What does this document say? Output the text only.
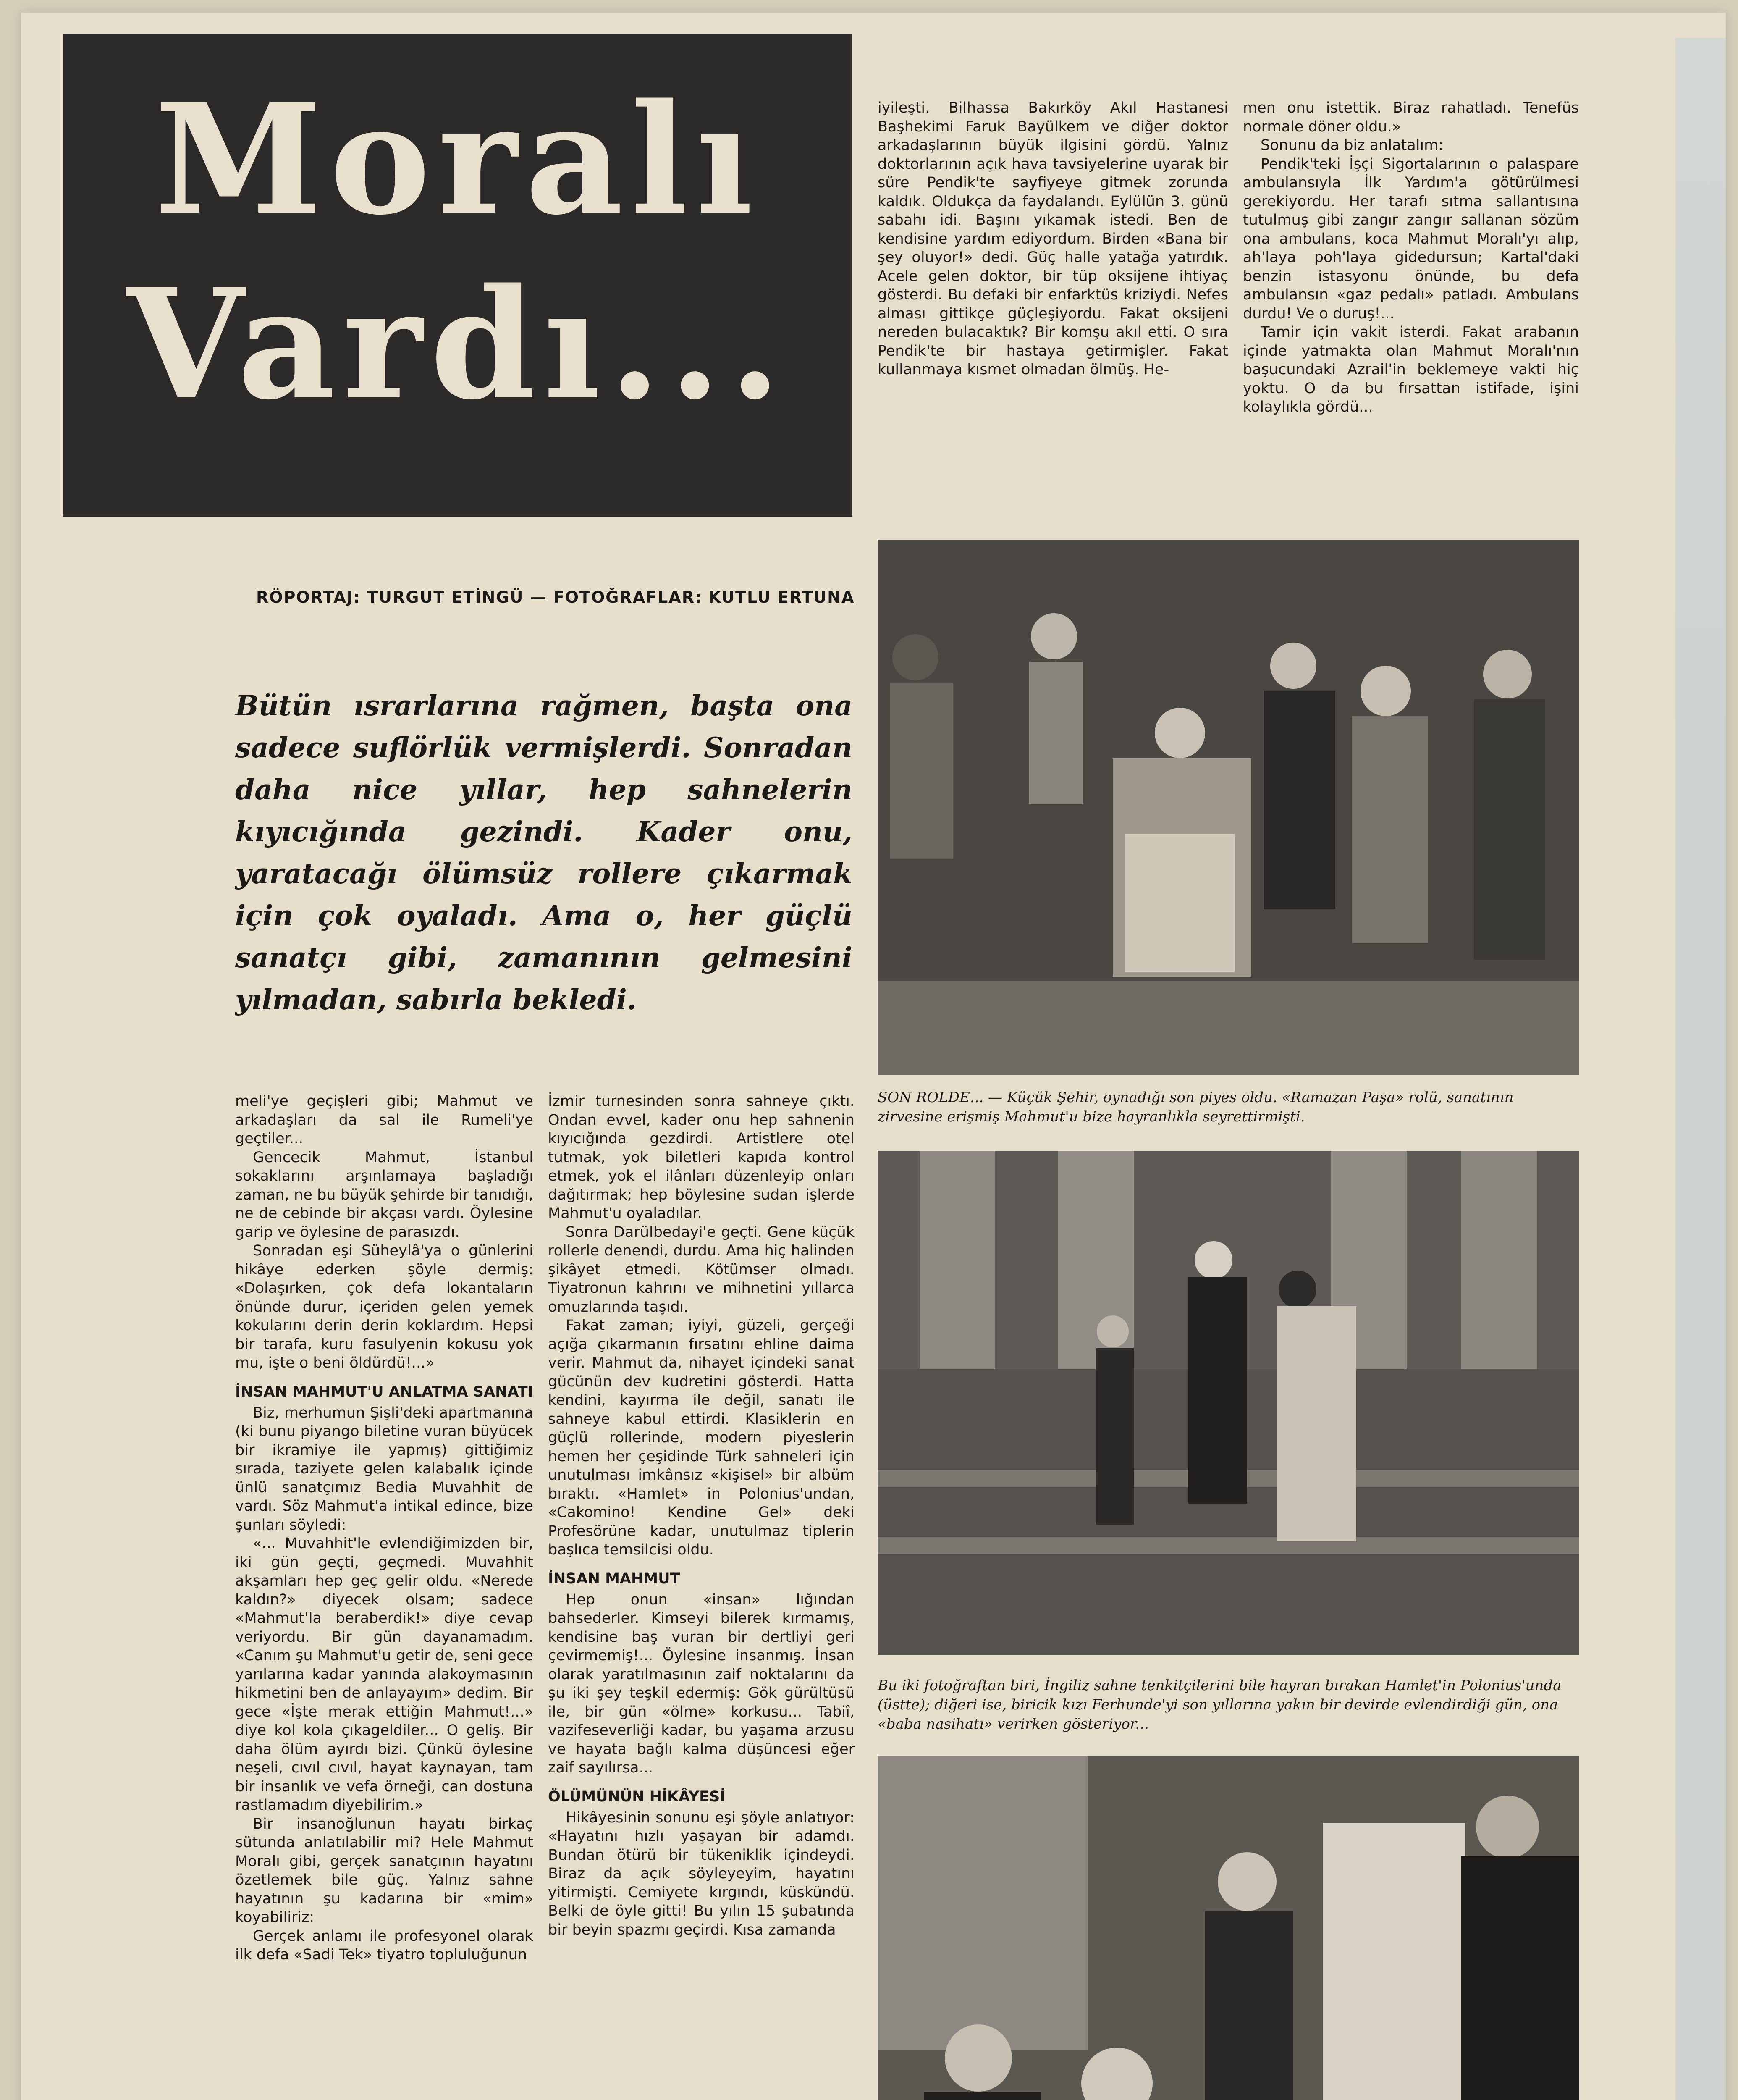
Moralı
Vardı...
RÖPORTAJ: TURGUT ETİNGÜ — FOTOĞRAFLAR: KUTLU ERTUNA
Bütün ısrarlarına rağmen, başta ona sadece suflörlük vermişlerdi. Sonradan daha nice yıllar, hep sahnelerin kıyıcığında gezindi. Kader onu, yaratacağı ölümsüz rollere çıkarmak için çok oyaladı. Ama o, her güçlü sanatçı gibi, zamanının gelmesini yılmadan, sabırla bekledi.

meli'ye geçişleri gibi; Mahmut ve arkadaşları da sal ile Rumeli'ye geçtiler...

Gencecik Mahmut, İstanbul sokaklarını arşınlamaya başladığı zaman, ne bu büyük şehirde bir tanıdığı, ne de cebinde bir akçası vardı. Öylesine garip ve öylesine de parasızdı.

Sonradan eşi Süheylâ'ya o günlerini hikâye ederken şöyle dermiş: «Dolaşırken, çok defa lokantaların önünde durur, içeriden gelen yemek kokularını derin derin koklardım. Hepsi bir tarafa, kuru fasulyenin kokusu yok mu, işte o beni öldürdü!...»

İNSAN MAHMUT'U ANLATMA SANATI

Biz, merhumun Şişli'deki apartmanına (ki bunu piyango biletine vuran büyücek bir ikramiye ile yapmış) gittiğimiz sırada, taziyete gelen kalabalık içinde ünlü sanatçımız Bedia Muvahhit de vardı. Söz Mahmut'a intikal edince, bize şunları söyledi:

«... Muvahhit'le evlendiğimizden bir, iki gün geçti, geçmedi. Muvahhit akşamları hep geç gelir oldu. «Nerede kaldın?» diyecek olsam; sadece «Mahmut'la beraberdik!» diye cevap veriyordu. Bir gün dayanamadım. «Canım şu Mahmut'u getir de, seni gece yarılarına kadar yanında alakoymasının hikmetini ben de anlayayım» dedim. Bir gece «İşte merak ettiğin Mahmut!...» diye kol kola çıkageldiler... O geliş. Bir daha ölüm ayırdı bizi. Çünkü öylesine neşeli, cıvıl cıvıl, hayat kaynayan, tam bir insanlık ve vefa örneği, can dostuna rastlamadım diyebilirim.»

Bir insanoğlunun hayatı birkaç sütunda anlatılabilir mi? Hele Mahmut Moralı gibi, gerçek sanatçının hayatını özetlemek bile güç. Yalnız sahne hayatının şu kadarına bir «mim» koyabiliriz:

Gerçek anlamı ile profesyonel olarak ilk defa «Sadi Tek» tiyatro topluluğunun

İzmir turnesinden sonra sahneye çıktı. Ondan evvel, kader onu hep sahnenin kıyıcığında gezdirdi. Artistlere otel tutmak, yok biletleri kapıda kontrol etmek, yok el ilânları düzenleyip onları dağıtırmak; hep böylesine sudan işlerde Mahmut'u oyaladılar.

Sonra Darülbedayi'e geçti. Gene küçük rollerle denendi, durdu. Ama hiç halinden şikâyet etmedi. Kötümser olmadı. Tiyatronun kahrını ve mihnetini yıllarca omuzlarında taşıdı.

Fakat zaman; iyiyi, güzeli, gerçeği açığa çıkarmanın fırsatını ehline daima verir. Mahmut da, nihayet içindeki sanat gücünün dev kudretini gösterdi. Hatta kendini, kayırma ile değil, sanatı ile sahneye kabul ettirdi. Klasiklerin en güçlü rollerinde, modern piyeslerin hemen her çeşidinde Türk sahneleri için unutulması imkânsız «kişisel» bir albüm bıraktı. «Hamlet» in Polonius'undan, «Cakomino! Kendine Gel» deki Profesörüne kadar, unutulmaz tiplerin başlıca temsilcisi oldu.

İNSAN MAHMUT

Hep onun «insan» lığından bahsederler. Kimseyi bilerek kırmamış, kendisine baş vuran bir dertliyi geri çevirmemiş!... Öylesine insanmış. İnsan olarak yaratılmasının zaif noktalarını da şu iki şey teşkil edermiş: Gök gürültüsü ile, bir gün «ölme» korkusu... Tabiî, vazifeseverliği kadar, bu yaşama arzusu ve hayata bağlı kalma düşüncesi eğer zaif sayılırsa...

ÖLÜMÜNÜN HİKÂYESİ

Hikâyesinin sonunu eşi şöyle anlatıyor: «Hayatını hızlı yaşayan bir adamdı. Bundan ötürü bir tükeniklik içindeydi. Biraz da açık söyleyeyim, hayatını yitirmişti. Cemiyete kırgındı, küskündü. Belki de öyle gitti! Bu yılın 15 şubatında bir beyin spazmı geçirdi. Kısa zamanda

iyileşti. Bilhassa Bakırköy Akıl Hastanesi Başhekimi Faruk Bayülkem ve diğer doktor arkadaşlarının büyük ilgisini gördü. Yalnız doktorlarının açık hava tavsiyelerine uyarak bir süre Pendik'te sayfiyeye gitmek zorunda kaldık. Oldukça da faydalandı. Eylülün 3. günü sabahı idi. Başını yıkamak istedi. Ben de kendisine yardım ediyordum. Birden «Bana bir şey oluyor!» dedi. Güç halle yatağa yatırdık. Acele gelen doktor, bir tüp oksijene ihtiyaç gösterdi. Bu defaki bir enfarktüs kriziydi. Nefes alması gittikçe güçleşiyordu. Fakat oksijeni nereden bulacaktık? Bir komşu akıl etti. O sıra Pendik'te bir hastaya getirmişler. Fakat kullanmaya kısmet olmadan ölmüş. He-

men onu istettik. Biraz rahatladı. Tenefüs normale döner oldu.»

Sonunu da biz anlatalım:

Pendik'teki İşçi Sigortalarının o palaspare ambulansıyla İlk Yardım'a götürülmesi gerekiyordu. Her tarafı sıtma sallantısına tutulmuş gibi zangır zangır sallanan sözüm ona ambulans, koca Mahmut Moralı'yı alıp, ah'laya poh'laya gidedursun; Kartal'daki benzin istasyonu önünde, bu defa ambulansın «gaz pedalı» patladı. Ambulans durdu! Ve o duruş!...

Tamir için vakit isterdi. Fakat arabanın içinde yatmakta olan Mahmut Moralı'nın başucundaki Azrail'in beklemeye vakti hiç yoktu. O da bu fırsattan istifade, işini kolaylıkla gördü...

SON ROLDE... — Küçük Şehir, oynadığı son piyes oldu. «Ramazan Paşa» rolü, sanatının zirvesine erişmiş Mahmut'u bize hayranlıkla seyrettirmişti.
Bu iki fotoğraftan biri, İngiliz sahne tenkitçilerini bile hayran bırakan Hamlet'in Polonius'unda (üstte); diğeri ise, biricik kızı Ferhunde'yi son yıllarına yakın bir devirde evlendirdiği gün, ona «baba nasihatı» verirken gösteriyor...
